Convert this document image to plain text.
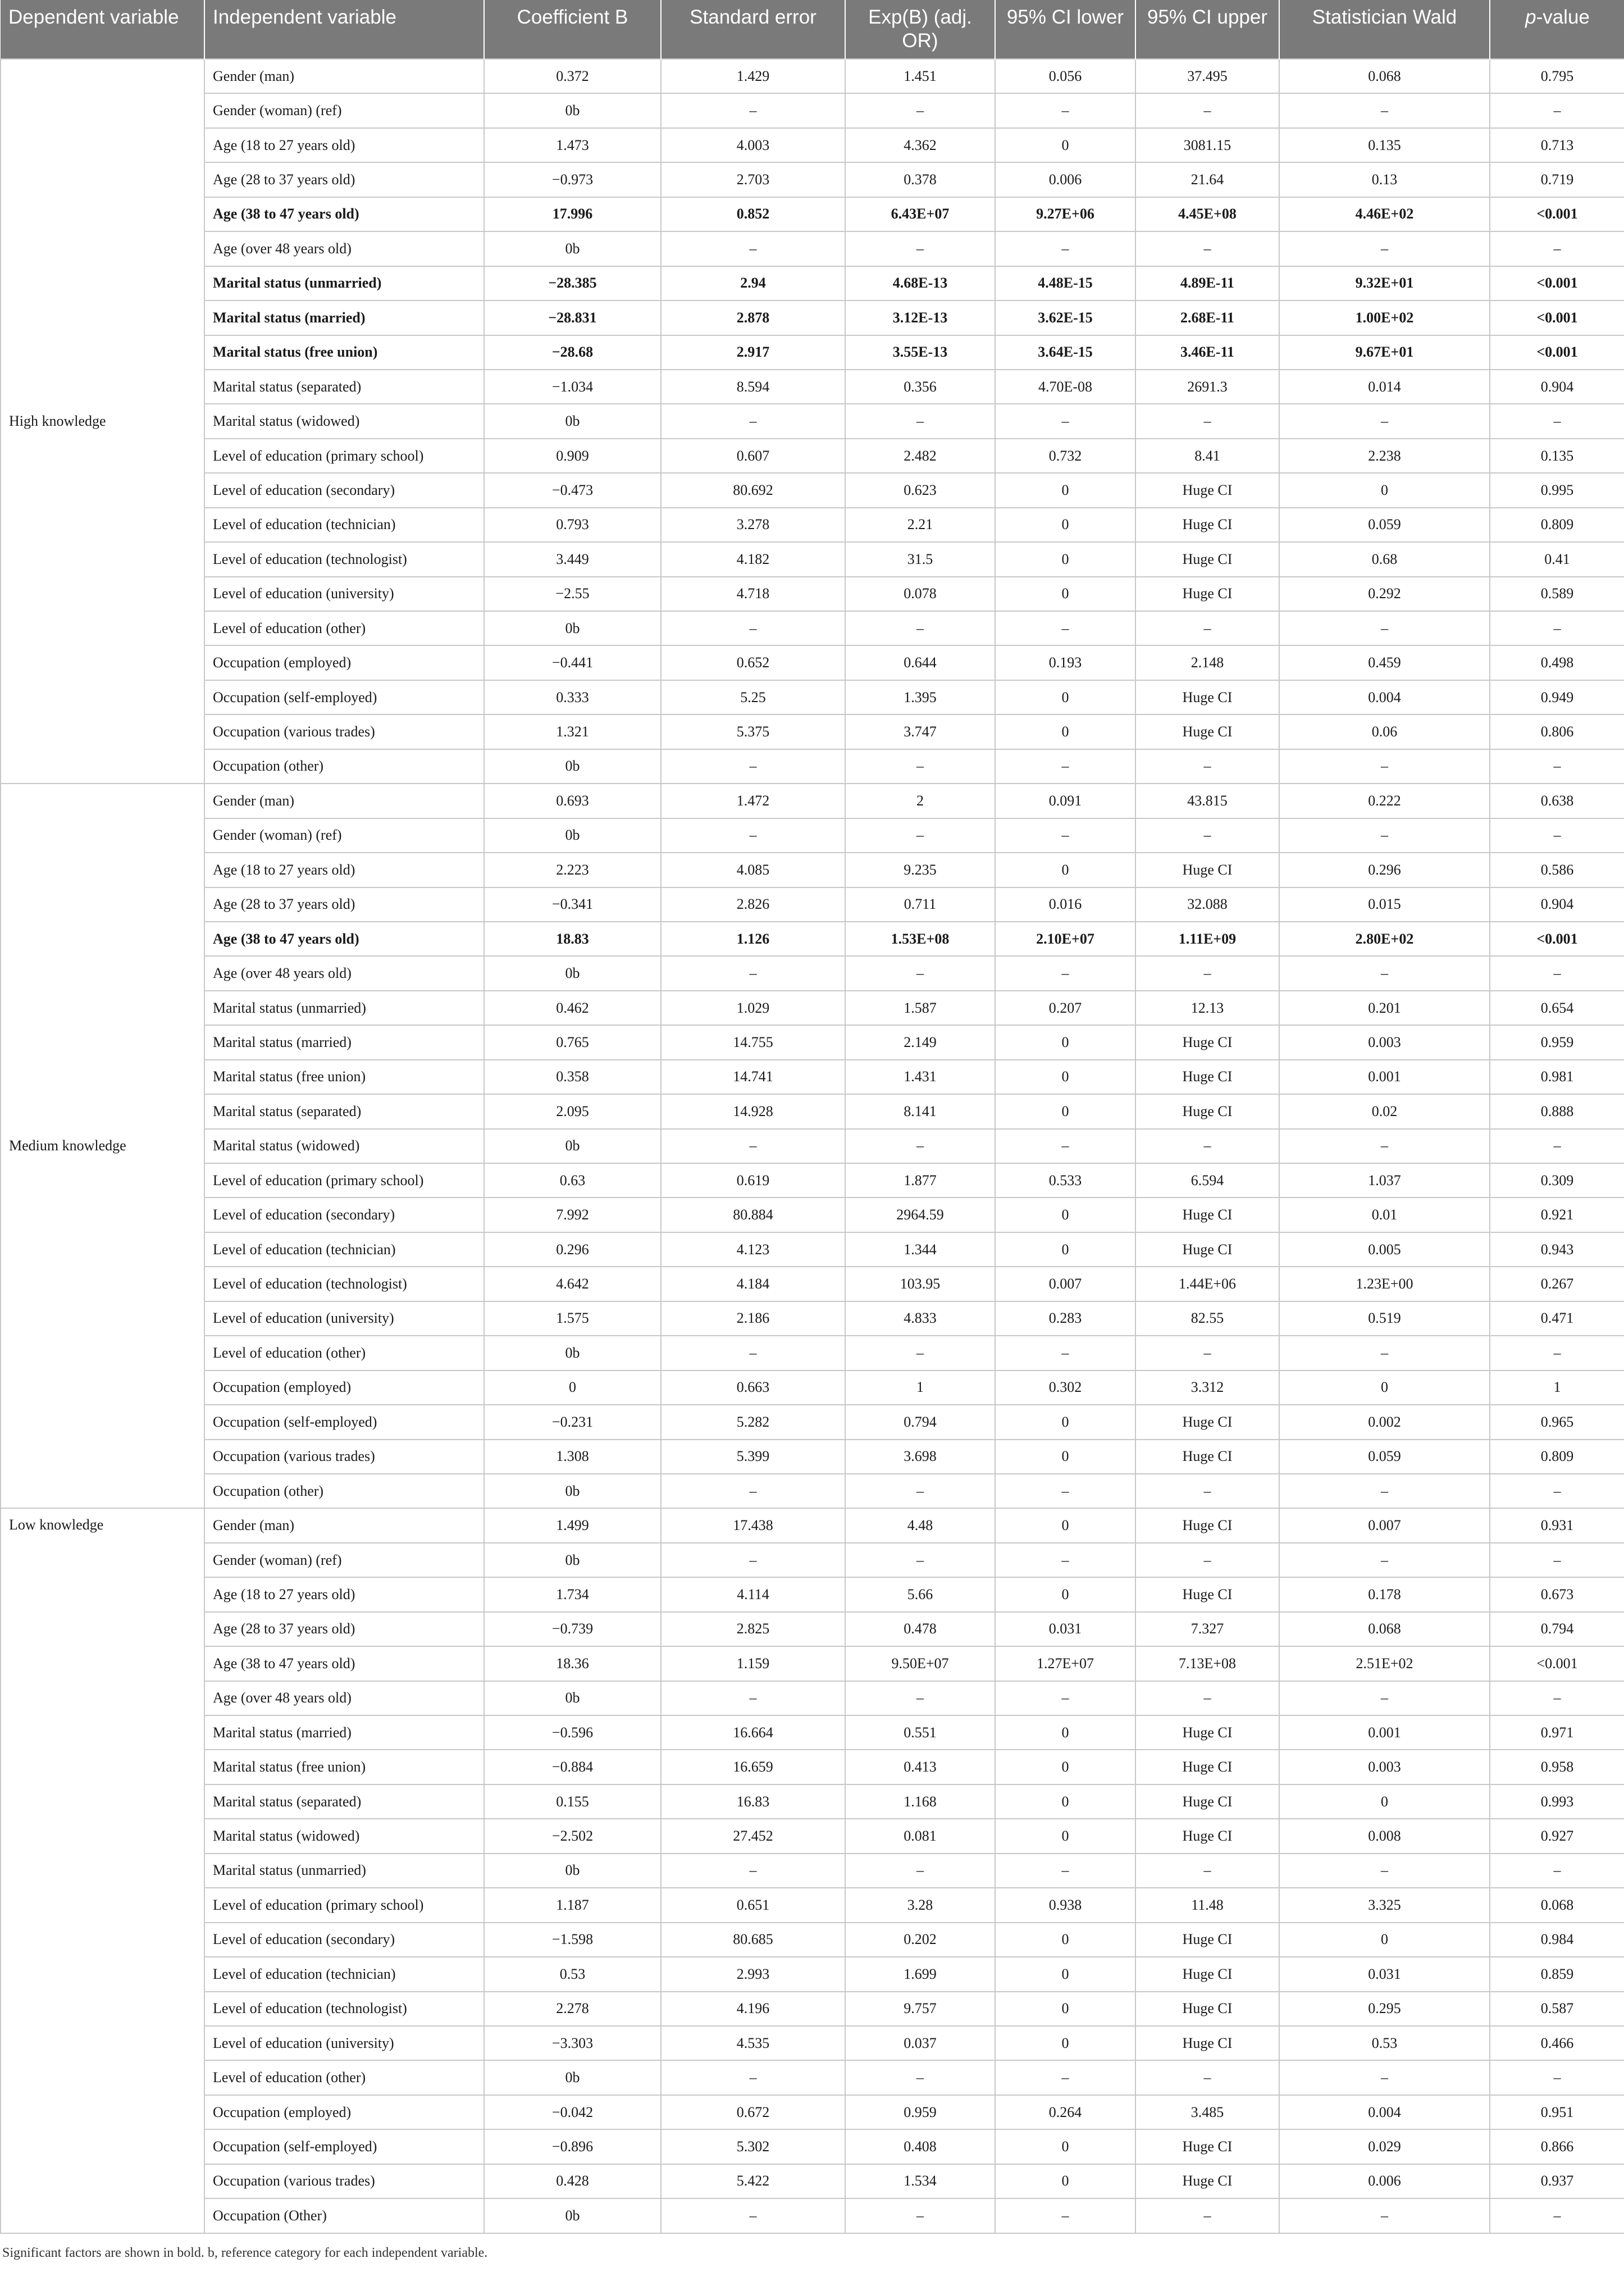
Dependent variable	Independent variable	Coefficient B	Standard error	Exp(B) (adj. OR)	95% CI lower	95% CI upper	Statistician Wald	p-value
High knowledge	Gender (man)	0.372	1.429	1.451	0.056	37.495	0.068	0.795
	Gender (woman) (ref)	0b	–	–	–	–	–	–
	Age (18 to 27 years old)	1.473	4.003	4.362	0	3081.15	0.135	0.713
	Age (28 to 37 years old)	−0.973	2.703	0.378	0.006	21.64	0.13	0.719
	Age (38 to 47 years old)	17.996	0.852	6.43E+07	9.27E+06	4.45E+08	4.46E+02	<0.001
	Age (over 48 years old)	0b	–	–	–	–	–	–
	Marital status (unmarried)	−28.385	2.94	4.68E-13	4.48E-15	4.89E-11	9.32E+01	<0.001
	Marital status (married)	−28.831	2.878	3.12E-13	3.62E-15	2.68E-11	1.00E+02	<0.001
	Marital status (free union)	−28.68	2.917	3.55E-13	3.64E-15	3.46E-11	9.67E+01	<0.001
	Marital status (separated)	−1.034	8.594	0.356	4.70E-08	2691.3	0.014	0.904
	Marital status (widowed)	0b	–	–	–	–	–	–
	Level of education (primary school)	0.909	0.607	2.482	0.732	8.41	2.238	0.135
	Level of education (secondary)	−0.473	80.692	0.623	0	Huge CI	0	0.995
	Level of education (technician)	0.793	3.278	2.21	0	Huge CI	0.059	0.809
	Level of education (technologist)	3.449	4.182	31.5	0	Huge CI	0.68	0.41
	Level of education (university)	−2.55	4.718	0.078	0	Huge CI	0.292	0.589
	Level of education (other)	0b	–	–	–	–	–	–
	Occupation (employed)	−0.441	0.652	0.644	0.193	2.148	0.459	0.498
	Occupation (self-employed)	0.333	5.25	1.395	0	Huge CI	0.004	0.949
	Occupation (various trades)	1.321	5.375	3.747	0	Huge CI	0.06	0.806
	Occupation (other)	0b	–	–	–	–	–	–
Medium knowledge	Gender (man)	0.693	1.472	2	0.091	43.815	0.222	0.638
	Gender (woman) (ref)	0b	–	–	–	–	–	–
	Age (18 to 27 years old)	2.223	4.085	9.235	0	Huge CI	0.296	0.586
	Age (28 to 37 years old)	−0.341	2.826	0.711	0.016	32.088	0.015	0.904
	Age (38 to 47 years old)	18.83	1.126	1.53E+08	2.10E+07	1.11E+09	2.80E+02	<0.001
	Age (over 48 years old)	0b	–	–	–	–	–	–
	Marital status (unmarried)	0.462	1.029	1.587	0.207	12.13	0.201	0.654
	Marital status (married)	0.765	14.755	2.149	0	Huge CI	0.003	0.959
	Marital status (free union)	0.358	14.741	1.431	0	Huge CI	0.001	0.981
	Marital status (separated)	2.095	14.928	8.141	0	Huge CI	0.02	0.888
	Marital status (widowed)	0b	–	–	–	–	–	–
	Level of education (primary school)	0.63	0.619	1.877	0.533	6.594	1.037	0.309
	Level of education (secondary)	7.992	80.884	2964.59	0	Huge CI	0.01	0.921
	Level of education (technician)	0.296	4.123	1.344	0	Huge CI	0.005	0.943
	Level of education (technologist)	4.642	4.184	103.95	0.007	1.44E+06	1.23E+00	0.267
	Level of education (university)	1.575	2.186	4.833	0.283	82.55	0.519	0.471
	Level of education (other)	0b	–	–	–	–	–	–
	Occupation (employed)	0	0.663	1	0.302	3.312	0	1
	Occupation (self-employed)	−0.231	5.282	0.794	0	Huge CI	0.002	0.965
	Occupation (various trades)	1.308	5.399	3.698	0	Huge CI	0.059	0.809
	Occupation (other)	0b	–	–	–	–	–	–
Low knowledge	Gender (man)	1.499	17.438	4.48	0	Huge CI	0.007	0.931
	Gender (woman) (ref)	0b	–	–	–	–	–	–
	Age (18 to 27 years old)	1.734	4.114	5.66	0	Huge CI	0.178	0.673
	Age (28 to 37 years old)	−0.739	2.825	0.478	0.031	7.327	0.068	0.794
	Age (38 to 47 years old)	18.36	1.159	9.50E+07	1.27E+07	7.13E+08	2.51E+02	<0.001
	Age (over 48 years old)	0b	–	–	–	–	–	–
	Marital status (married)	−0.596	16.664	0.551	0	Huge CI	0.001	0.971
	Marital status (free union)	−0.884	16.659	0.413	0	Huge CI	0.003	0.958
	Marital status (separated)	0.155	16.83	1.168	0	Huge CI	0	0.993
	Marital status (widowed)	−2.502	27.452	0.081	0	Huge CI	0.008	0.927
	Marital status (unmarried)	0b	–	–	–	–	–	–
	Level of education (primary school)	1.187	0.651	3.28	0.938	11.48	3.325	0.068
	Level of education (secondary)	−1.598	80.685	0.202	0	Huge CI	0	0.984
	Level of education (technician)	0.53	2.993	1.699	0	Huge CI	0.031	0.859
	Level of education (technologist)	2.278	4.196	9.757	0	Huge CI	0.295	0.587
	Level of education (university)	−3.303	4.535	0.037	0	Huge CI	0.53	0.466
	Level of education (other)	0b	–	–	–	–	–	–
	Occupation (employed)	−0.042	0.672	0.959	0.264	3.485	0.004	0.951
	Occupation (self-employed)	−0.896	5.302	0.408	0	Huge CI	0.029	0.866
	Occupation (various trades)	0.428	5.422	1.534	0	Huge CI	0.006	0.937
	Occupation (Other)	0b	–	–	–	–	–	–
Significant factors are shown in bold. b, reference category for each independent variable.
